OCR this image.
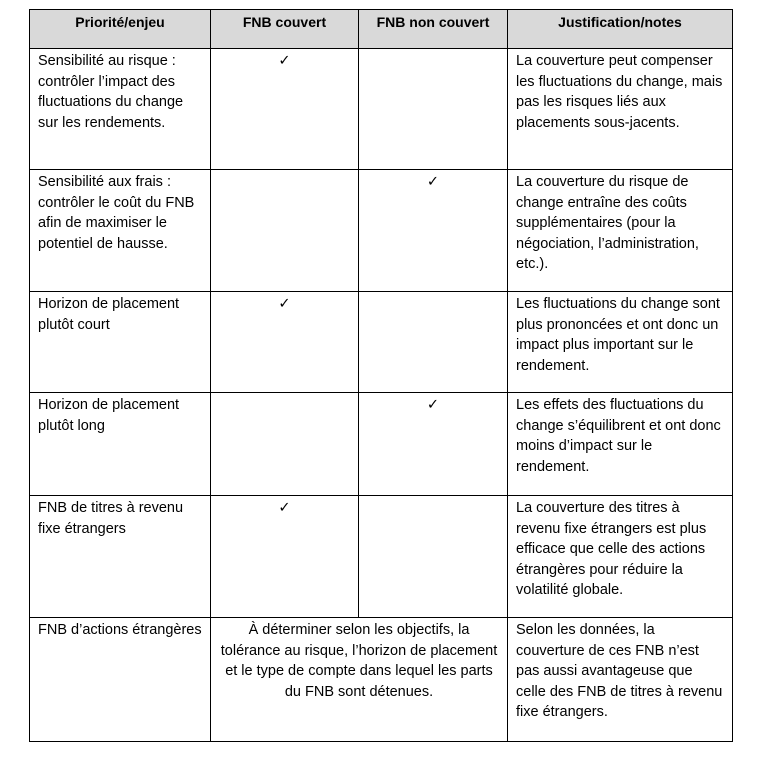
Priorité/enjeu	FNB couvert	FNB non couvert	Justification/notes
Sensibilité au risque : contrôler l’impact des fluctuations du change sur les rendements.	✓		La couverture peut compenser les fluctuations du change, mais pas les risques liés aux placements sous-jacents.
Sensibilité aux frais : contrôler le coût du FNB afin de maximiser le potentiel de hausse.		✓	La couverture du risque de change entraîne des coûts supplémentaires (pour la négociation, l’administration, etc.).
Horizon de placement plutôt court	✓		Les fluctuations du change sont plus prononcées et ont donc un impact plus important sur le rendement.
Horizon de placement plutôt long		✓	Les effets des fluctuations du change s’équilibrent et ont donc moins d’impact sur le rendement.
FNB de titres à revenu fixe étrangers	✓		La couverture des titres à revenu fixe étrangers est plus efficace que celle des actions étrangères pour réduire la volatilité globale.
FNB d’actions étrangères	À déterminer selon les objectifs, la tolérance au risque, l’horizon de placement et le type de compte dans lequel les parts du FNB sont détenues.		Selon les données, la couverture de ces FNB n’est pas aussi avantageuse que celle des FNB de titres à revenu fixe étrangers.
